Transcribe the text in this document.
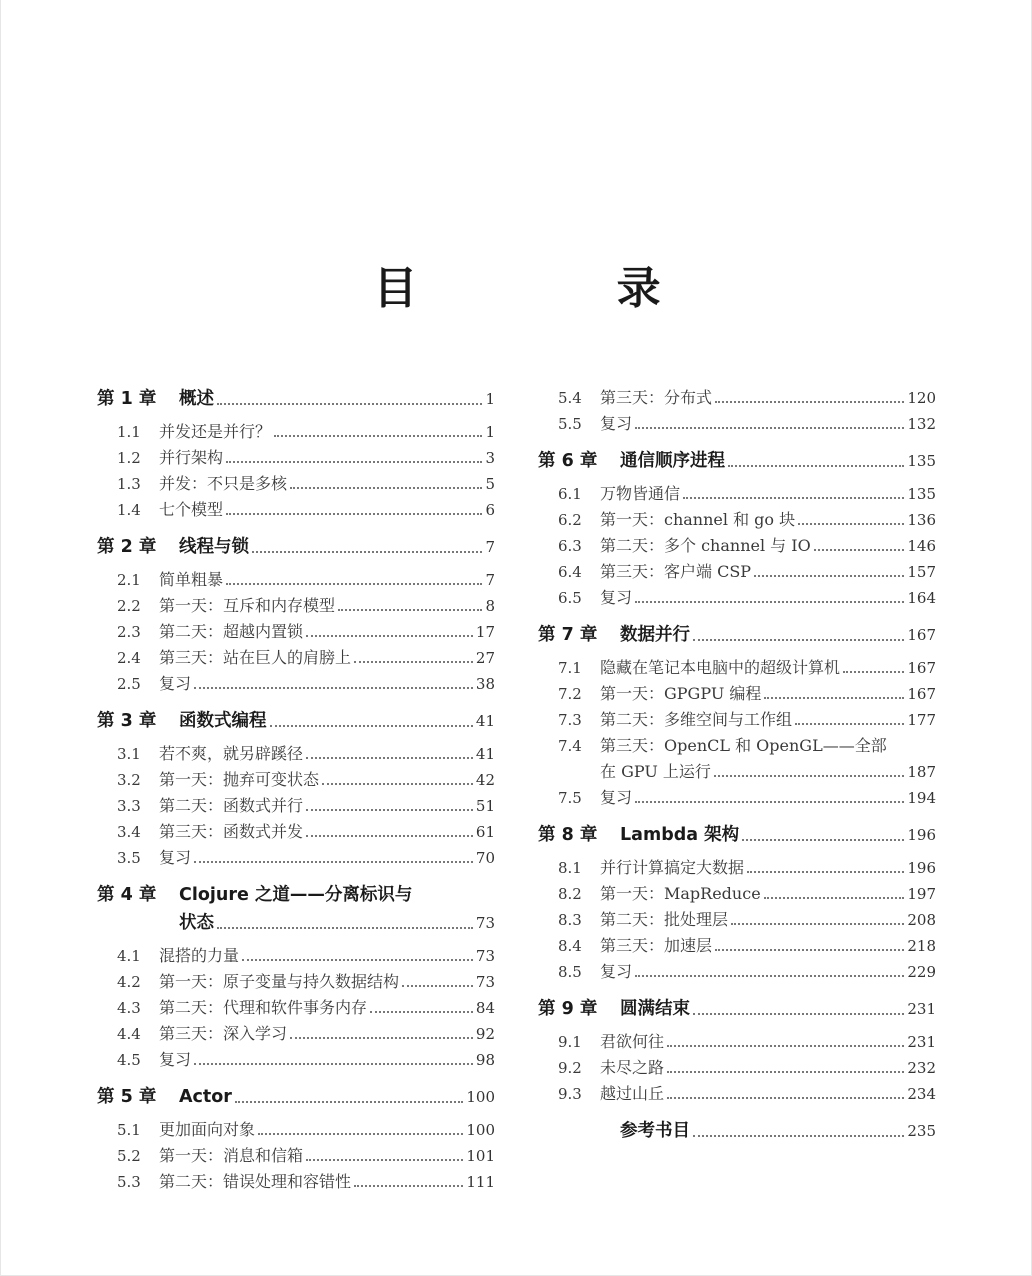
目 录
第 1 章	概述	1
1.1	并发还是并行？	1
1.2	并行架构	3
1.3	并发：不只是多核	5
1.4	七个模型	6
第 2 章	线程与锁	7
2.1	简单粗暴	7
2.2	第一天：互斥和内存模型	8
2.3	第二天：超越内置锁	17
2.4	第三天：站在巨人的肩膀上	27
2.5	复习	38
第 3 章	函数式编程	41
3.1	若不爽，就另辟蹊径	41
3.2	第一天：抛弃可变状态	42
3.3	第二天：函数式并行	51
3.4	第三天：函数式并发	61
3.5	复习	70
第 4 章	Clojure 之道——分离标识与
状态	73
4.1	混搭的力量	73
4.2	第一天：原子变量与持久数据结构	73
4.3	第二天：代理和软件事务内存	84
4.4	第三天：深入学习	92
4.5	复习	98
第 5 章	Actor	100
5.1	更加面向对象	100
5.2	第一天：消息和信箱	101
5.3	第二天：错误处理和容错性	111
5.4	第三天：分布式	120
5.5	复习	132
第 6 章	通信顺序进程	135
6.1	万物皆通信	135
6.2	第一天：channel 和 go 块	136
6.3	第二天：多个 channel 与 IO	146
6.4	第三天：客户端 CSP	157
6.5	复习	164
第 7 章	数据并行	167
7.1	隐藏在笔记本电脑中的超级计算机	167
7.2	第一天：GPGPU 编程	167
7.3	第二天：多维空间与工作组	177
7.4	第三天：OpenCL 和 OpenGL——全部
在 GPU 上运行	187
7.5	复习	194
第 8 章	Lambda 架构	196
8.1	并行计算搞定大数据	196
8.2	第一天：MapReduce	197
8.3	第二天：批处理层	208
8.4	第三天：加速层	218
8.5	复习	229
第 9 章	圆满结束	231
9.1	君欲何往	231
9.2	未尽之路	232
9.3	越过山丘	234
参考书目	235
